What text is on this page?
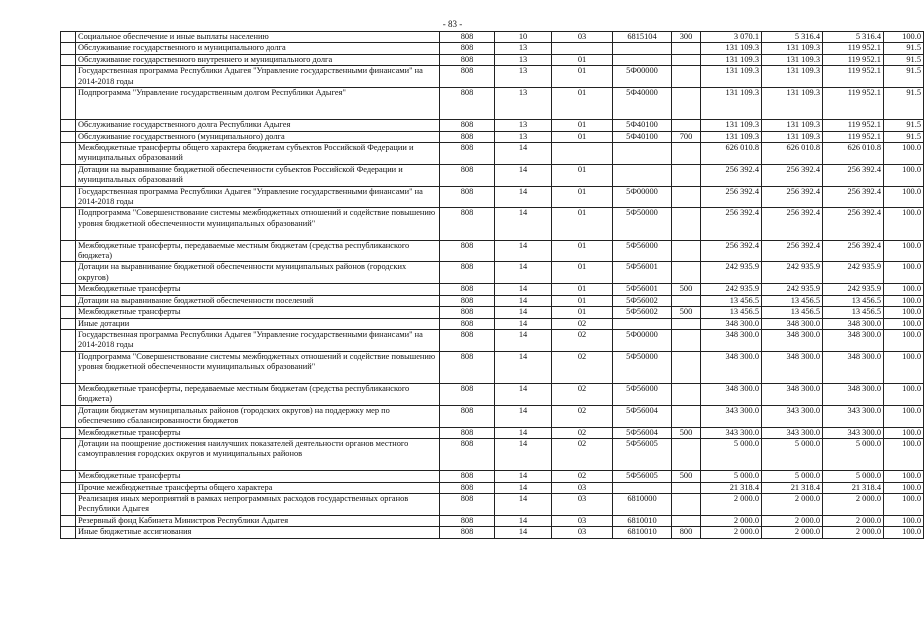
- 83 -
	Социальное обеспечение и иные выплаты населению	808	10	03	6815104	300	3 070.1	5 316.4	5 316.4	100.0
	Обслуживание государственного и муниципального долга	808	13				131 109.3	131 109.3	119 952.1	91.5
	Обслуживание государственного внутреннего и муниципального долга	808	13	01			131 109.3	131 109.3	119 952.1	91.5
	Государственная программа Республики Адыгея "Управление государственными финансами" на 2014-2018 годы	808	13	01	5Ф00000		131 109.3	131 109.3	119 952.1	91.5
	Подпрограмма "Управление государственным долгом Республики Адыгея"	808	13	01	5Ф40000		131 109.3	131 109.3	119 952.1	91.5
	Обслуживание государственного долга Республики Адыгея	808	13	01	5Ф40100		131 109.3	131 109.3	119 952.1	91.5
	Обслуживание государственного (муниципального) долга	808	13	01	5Ф40100	700	131 109.3	131 109.3	119 952.1	91.5
	Межбюджетные трансферты общего характера бюджетам субъектов Российской Федерации и муниципальных образований	808	14				626 010.8	626 010.8	626 010.8	100.0
	Дотации на выравнивание бюджетной обеспеченности субъектов Российской Федерации и муниципальных образований	808	14	01			256 392.4	256 392.4	256 392.4	100.0
	Государственная программа Республики Адыгея "Управление государственными финансами" на 2014-2018 годы	808	14	01	5Ф00000		256 392.4	256 392.4	256 392.4	100.0
	Подпрограмма "Совершенствование системы межбюджетных отношений и содействие повышению уровня бюджетной обеспеченности муниципальных образований"	808	14	01	5Ф50000		256 392.4	256 392.4	256 392.4	100.0
	Межбюджетные трансферты, передаваемые местным бюджетам (средства республиканского бюджета)	808	14	01	5Ф56000		256 392.4	256 392.4	256 392.4	100.0
	Дотации на выравнивание бюджетной обеспеченности муниципальных районов (городских округов)	808	14	01	5Ф56001		242 935.9	242 935.9	242 935.9	100.0
	Межбюджетные трансферты	808	14	01	5Ф56001	500	242 935.9	242 935.9	242 935.9	100.0
	Дотации на выравнивание бюджетной обеспеченности поселений	808	14	01	5Ф56002		13 456.5	13 456.5	13 456.5	100.0
	Межбюджетные трансферты	808	14	01	5Ф56002	500	13 456.5	13 456.5	13 456.5	100.0
	Иные дотации	808	14	02			348 300.0	348 300.0	348 300.0	100.0
	Государственная программа Республики Адыгея "Управление государственными финансами" на 2014-2018 годы	808	14	02	5Ф00000		348 300.0	348 300.0	348 300.0	100.0
	Подпрограмма "Совершенствование системы межбюджетных отношений и содействие повышению уровня бюджетной обеспеченности муниципальных образований"	808	14	02	5Ф50000		348 300.0	348 300.0	348 300.0	100.0
	Межбюджетные трансферты, передаваемые местным бюджетам (средства республиканского бюджета)	808	14	02	5Ф56000		348 300.0	348 300.0	348 300.0	100.0
	Дотации бюджетам муниципальных районов (городских округов) на поддержку мер по обеспечению сбалансированности бюджетов	808	14	02	5Ф56004		343 300.0	343 300.0	343 300.0	100.0
	Межбюджетные трансферты	808	14	02	5Ф56004	500	343 300.0	343 300.0	343 300.0	100.0
	Дотации на поощрение достижения наилучших показателей деятельности органов местного самоуправления городских округов и муниципальных районов	808	14	02	5Ф56005		5 000.0	5 000.0	5 000.0	100.0
	Межбюджетные трансферты	808	14	02	5Ф56005	500	5 000.0	5 000.0	5 000.0	100.0
	Прочие межбюджетные трансферты общего характера	808	14	03			21 318.4	21 318.4	21 318.4	100.0
	Реализация иных мероприятий в рамках непрограммных расходов государственных органов Республики Адыгея	808	14	03	6810000		2 000.0	2 000.0	2 000.0	100.0
	Резервный фонд Кабинета Министров Республики Адыгея	808	14	03	6810010		2 000.0	2 000.0	2 000.0	100.0
	Иные бюджетные ассигнования	808	14	03	6810010	800	2 000.0	2 000.0	2 000.0	100.0
